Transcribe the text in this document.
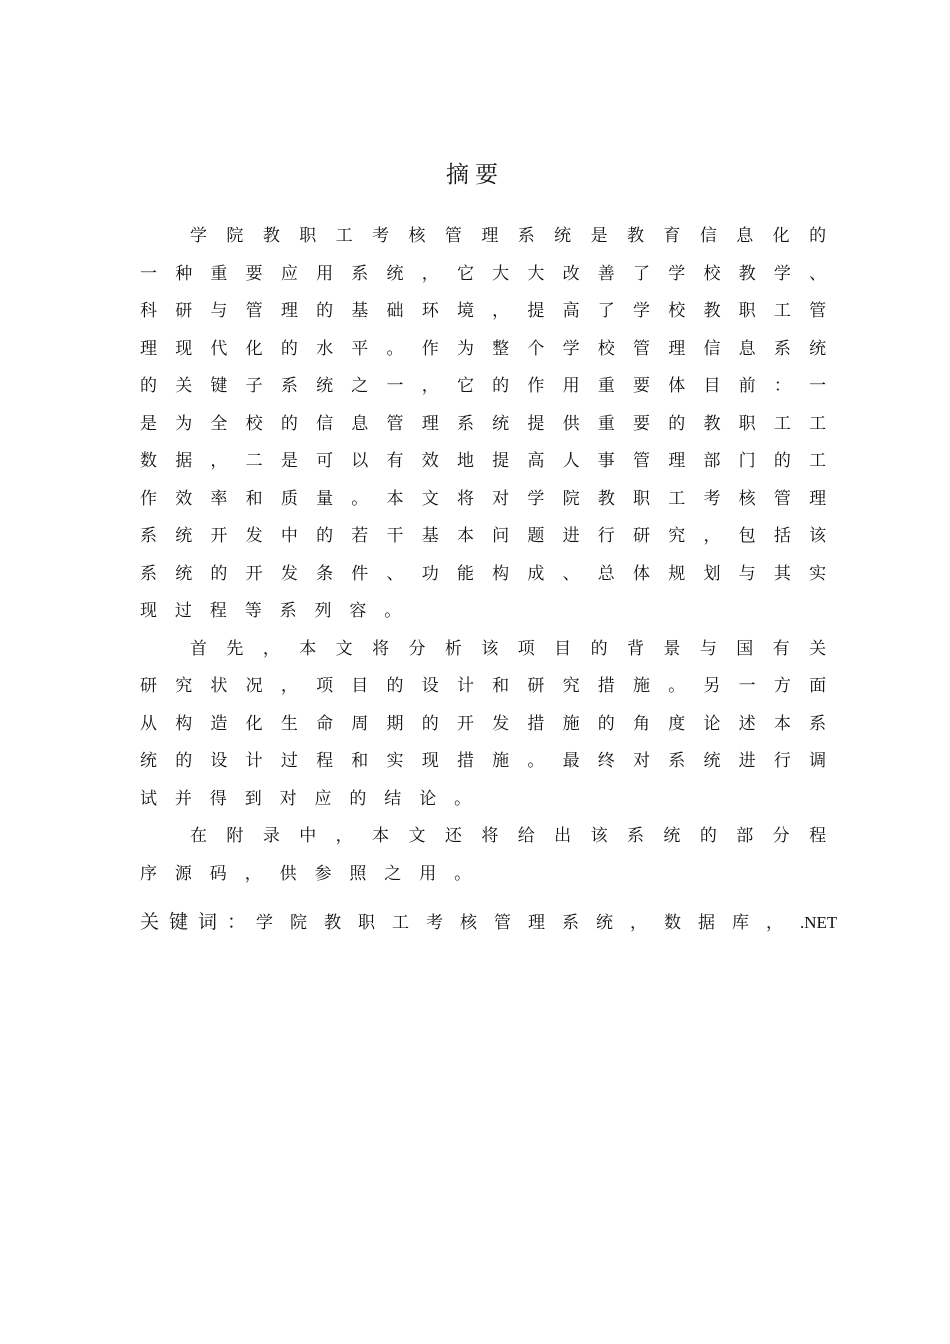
摘要

学院教职工考核管理系统是教育信息化的一种重要应用系统，它大大改善了学校教学、科研与管理的基础环境，提高了学校教职工管理现代化的水平。作为整个学校管理信息系统的关键子系统之一，它的作用重要体目前：一是为全校的信息管理系统提供重要的教职工工数据，二是可以有效地提高人事管理部门的工作效率和质量。本文将对学院教职工考核管理系统开发中的若干基本问题进行研究，包括该系统的开发条件、功能构成、总体规划与其实现过程等系列容。

首先，本文将分析该项目的背景与国有关研究状况，项目的设计和研究措施。另一方面从构造化生命周期的开发措施的角度论述本系统的设计过程和实现措施。最终对系统进行调试并得到对应的结论。

在附录中，本文还将给出该系统的部分程序源码，供参照之用。

关键词：学院教职工考核管理系统，数据库，.NET
